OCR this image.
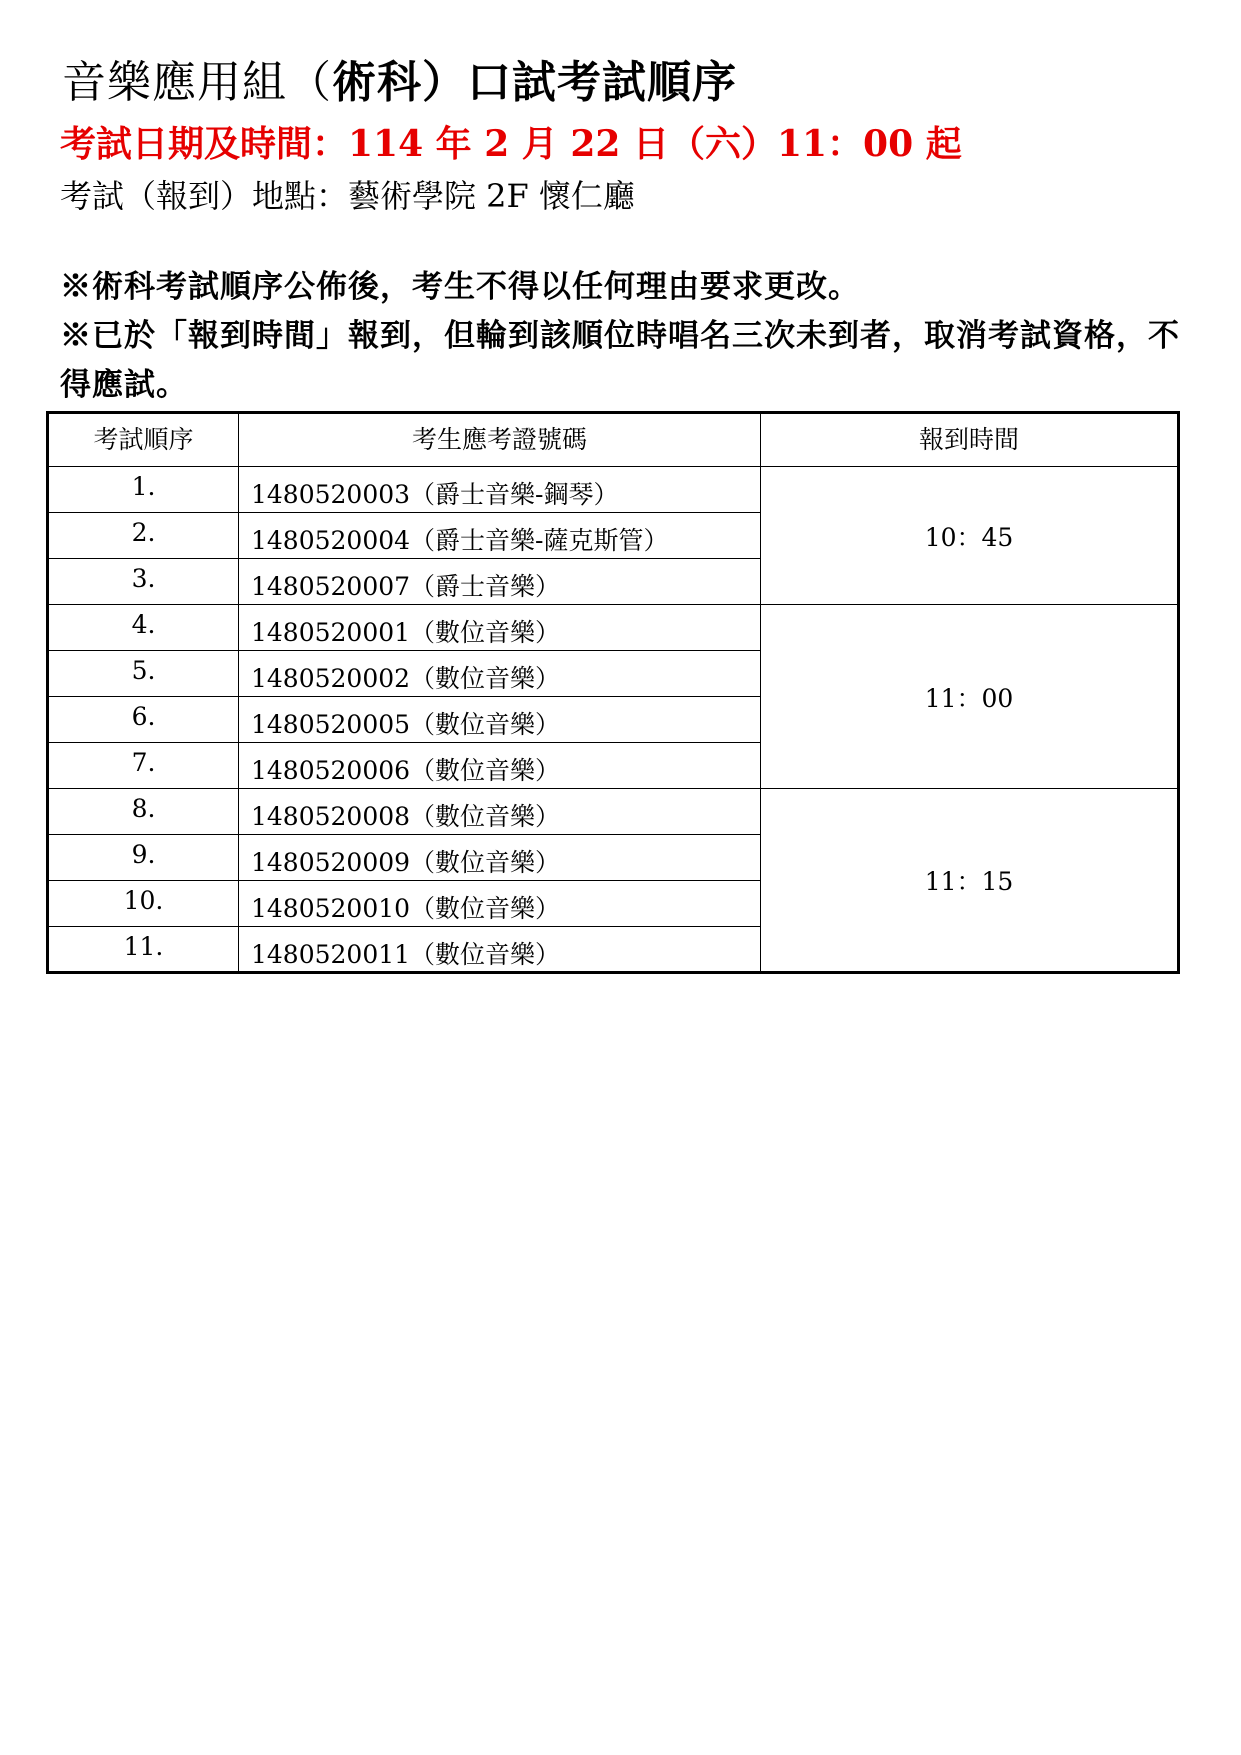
音樂應用組（術科）口試考試順序
考試日期及時間：114 年 2 月 22 日（六）11：00 起
考試（報到）地點：藝術學院 2F 懷仁廳

※術科考試順序公佈後，考生不得以任何理由要求更改。

※已於「報到時間」報到，但輪到該順位時唱名三次未到者，取消考試資格，不得應試。

考試順序	考生應考證號碼	報到時間
1.	1480520003（爵士音樂-鋼琴）	10：45
2.	1480520004（爵士音樂-薩克斯管）	
3.	1480520007（爵士音樂）	
4.	1480520001（數位音樂）	11：00
5.	1480520002（數位音樂）	
6.	1480520005（數位音樂）	
7.	1480520006（數位音樂）	
8.	1480520008（數位音樂）	11：15
9.	1480520009（數位音樂）	
10.	1480520010（數位音樂）	
11.	1480520011（數位音樂）	
